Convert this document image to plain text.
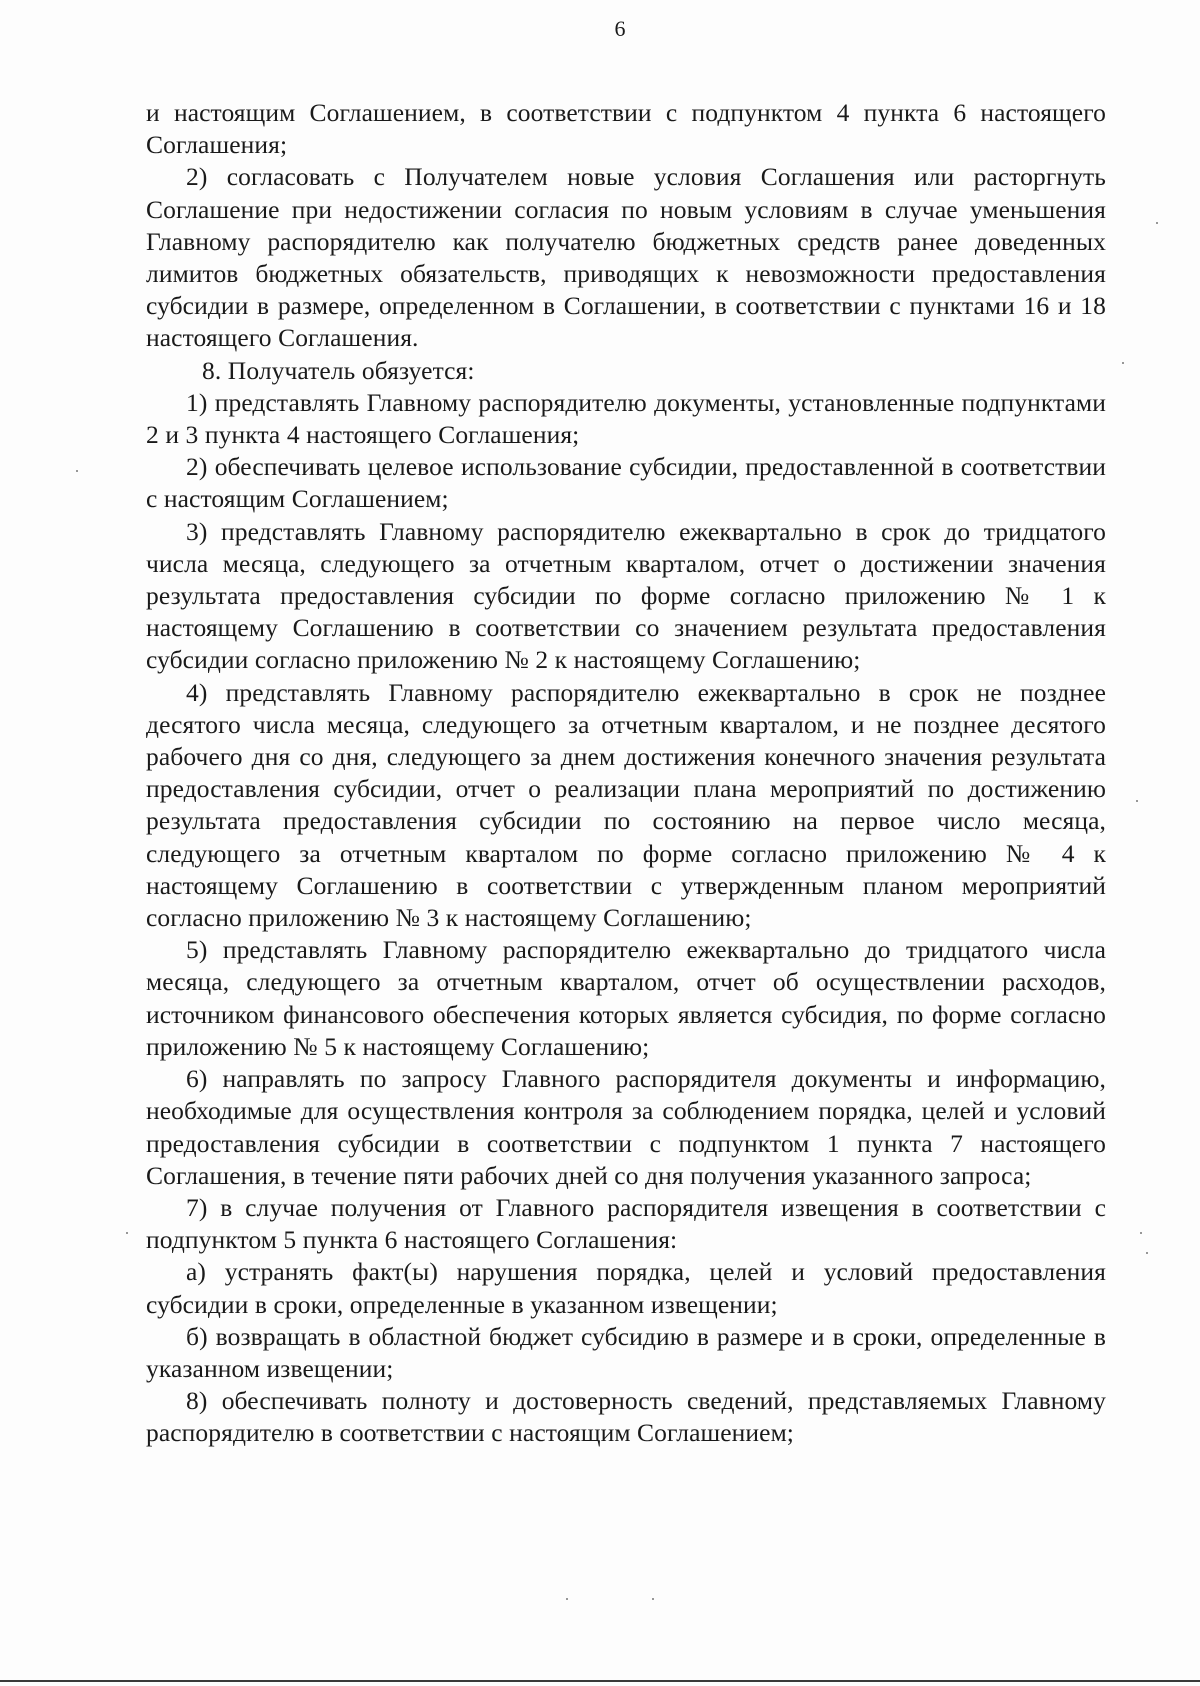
6

и настоящим Соглашением, в соответствии с подпунктом 4 пункта 6 настоящего Соглашения;

2) согласовать с Получателем новые условия Соглашения или расторгнуть Соглашение при недостижении согласия по новым условиям в случае уменьшения Главному распорядителю как получателю бюджетных средств ранее доведенных лимитов бюджетных обязательств, приводящих к невозможности предоставления субсидии в размере, определенном в Соглашении, в соответствии с пунктами 16 и 18 настоящего Соглашения.

8. Получатель обязуется:

1) представлять Главному распорядителю документы, установленные подпунктами 2 и 3 пункта 4 настоящего Соглашения;

2) обеспечивать целевое использование субсидии, предоставленной в соответствии с настоящим Соглашением;

3) представлять Главному распорядителю ежеквартально в срок до тридцатого числа месяца, следующего за отчетным кварталом, отчет о достижении значения результата предоставления субсидии по форме согласно приложению № 1 к настоящему Соглашению в соответствии со значением результата предоставления субсидии согласно приложению № 2 к настоящему Соглашению;

4) представлять Главному распорядителю ежеквартально в срок не позднее десятого числа месяца, следующего за отчетным кварталом, и не позднее десятого рабочего дня со дня, следующего за днем достижения конечного значения результата предоставления субсидии, отчет о реализации плана мероприятий по достижению результата предоставления субсидии по состоянию на первое число месяца, следующего за отчетным кварталом по форме согласно приложению № 4 к настоящему Соглашению в соответствии с утвержденным планом мероприятий согласно приложению № 3 к настоящему Соглашению;

5) представлять Главному распорядителю ежеквартально до тридцатого числа месяца, следующего за отчетным кварталом, отчет об осуществлении расходов, источником финансового обеспечения которых является субсидия, по форме согласно приложению № 5 к настоящему Соглашению;

6) направлять по запросу Главного распорядителя документы и информацию, необходимые для осуществления контроля за соблюдением порядка, целей и условий предоставления субсидии в соответствии с подпунктом 1 пункта 7 настоящего Соглашения, в течение пяти рабочих дней со дня получения указанного запроса;

7) в случае получения от Главного распорядителя извещения в соответствии с подпунктом 5 пункта 6 настоящего Соглашения:

а) устранять факт(ы) нарушения порядка, целей и условий предоставления субсидии в сроки, определенные в указанном извещении;

б) возвращать в областной бюджет субсидию в размере и в сроки, определенные в указанном извещении;

8) обеспечивать полноту и достоверность сведений, представляемых Главному распорядителю в соответствии с настоящим Соглашением;
